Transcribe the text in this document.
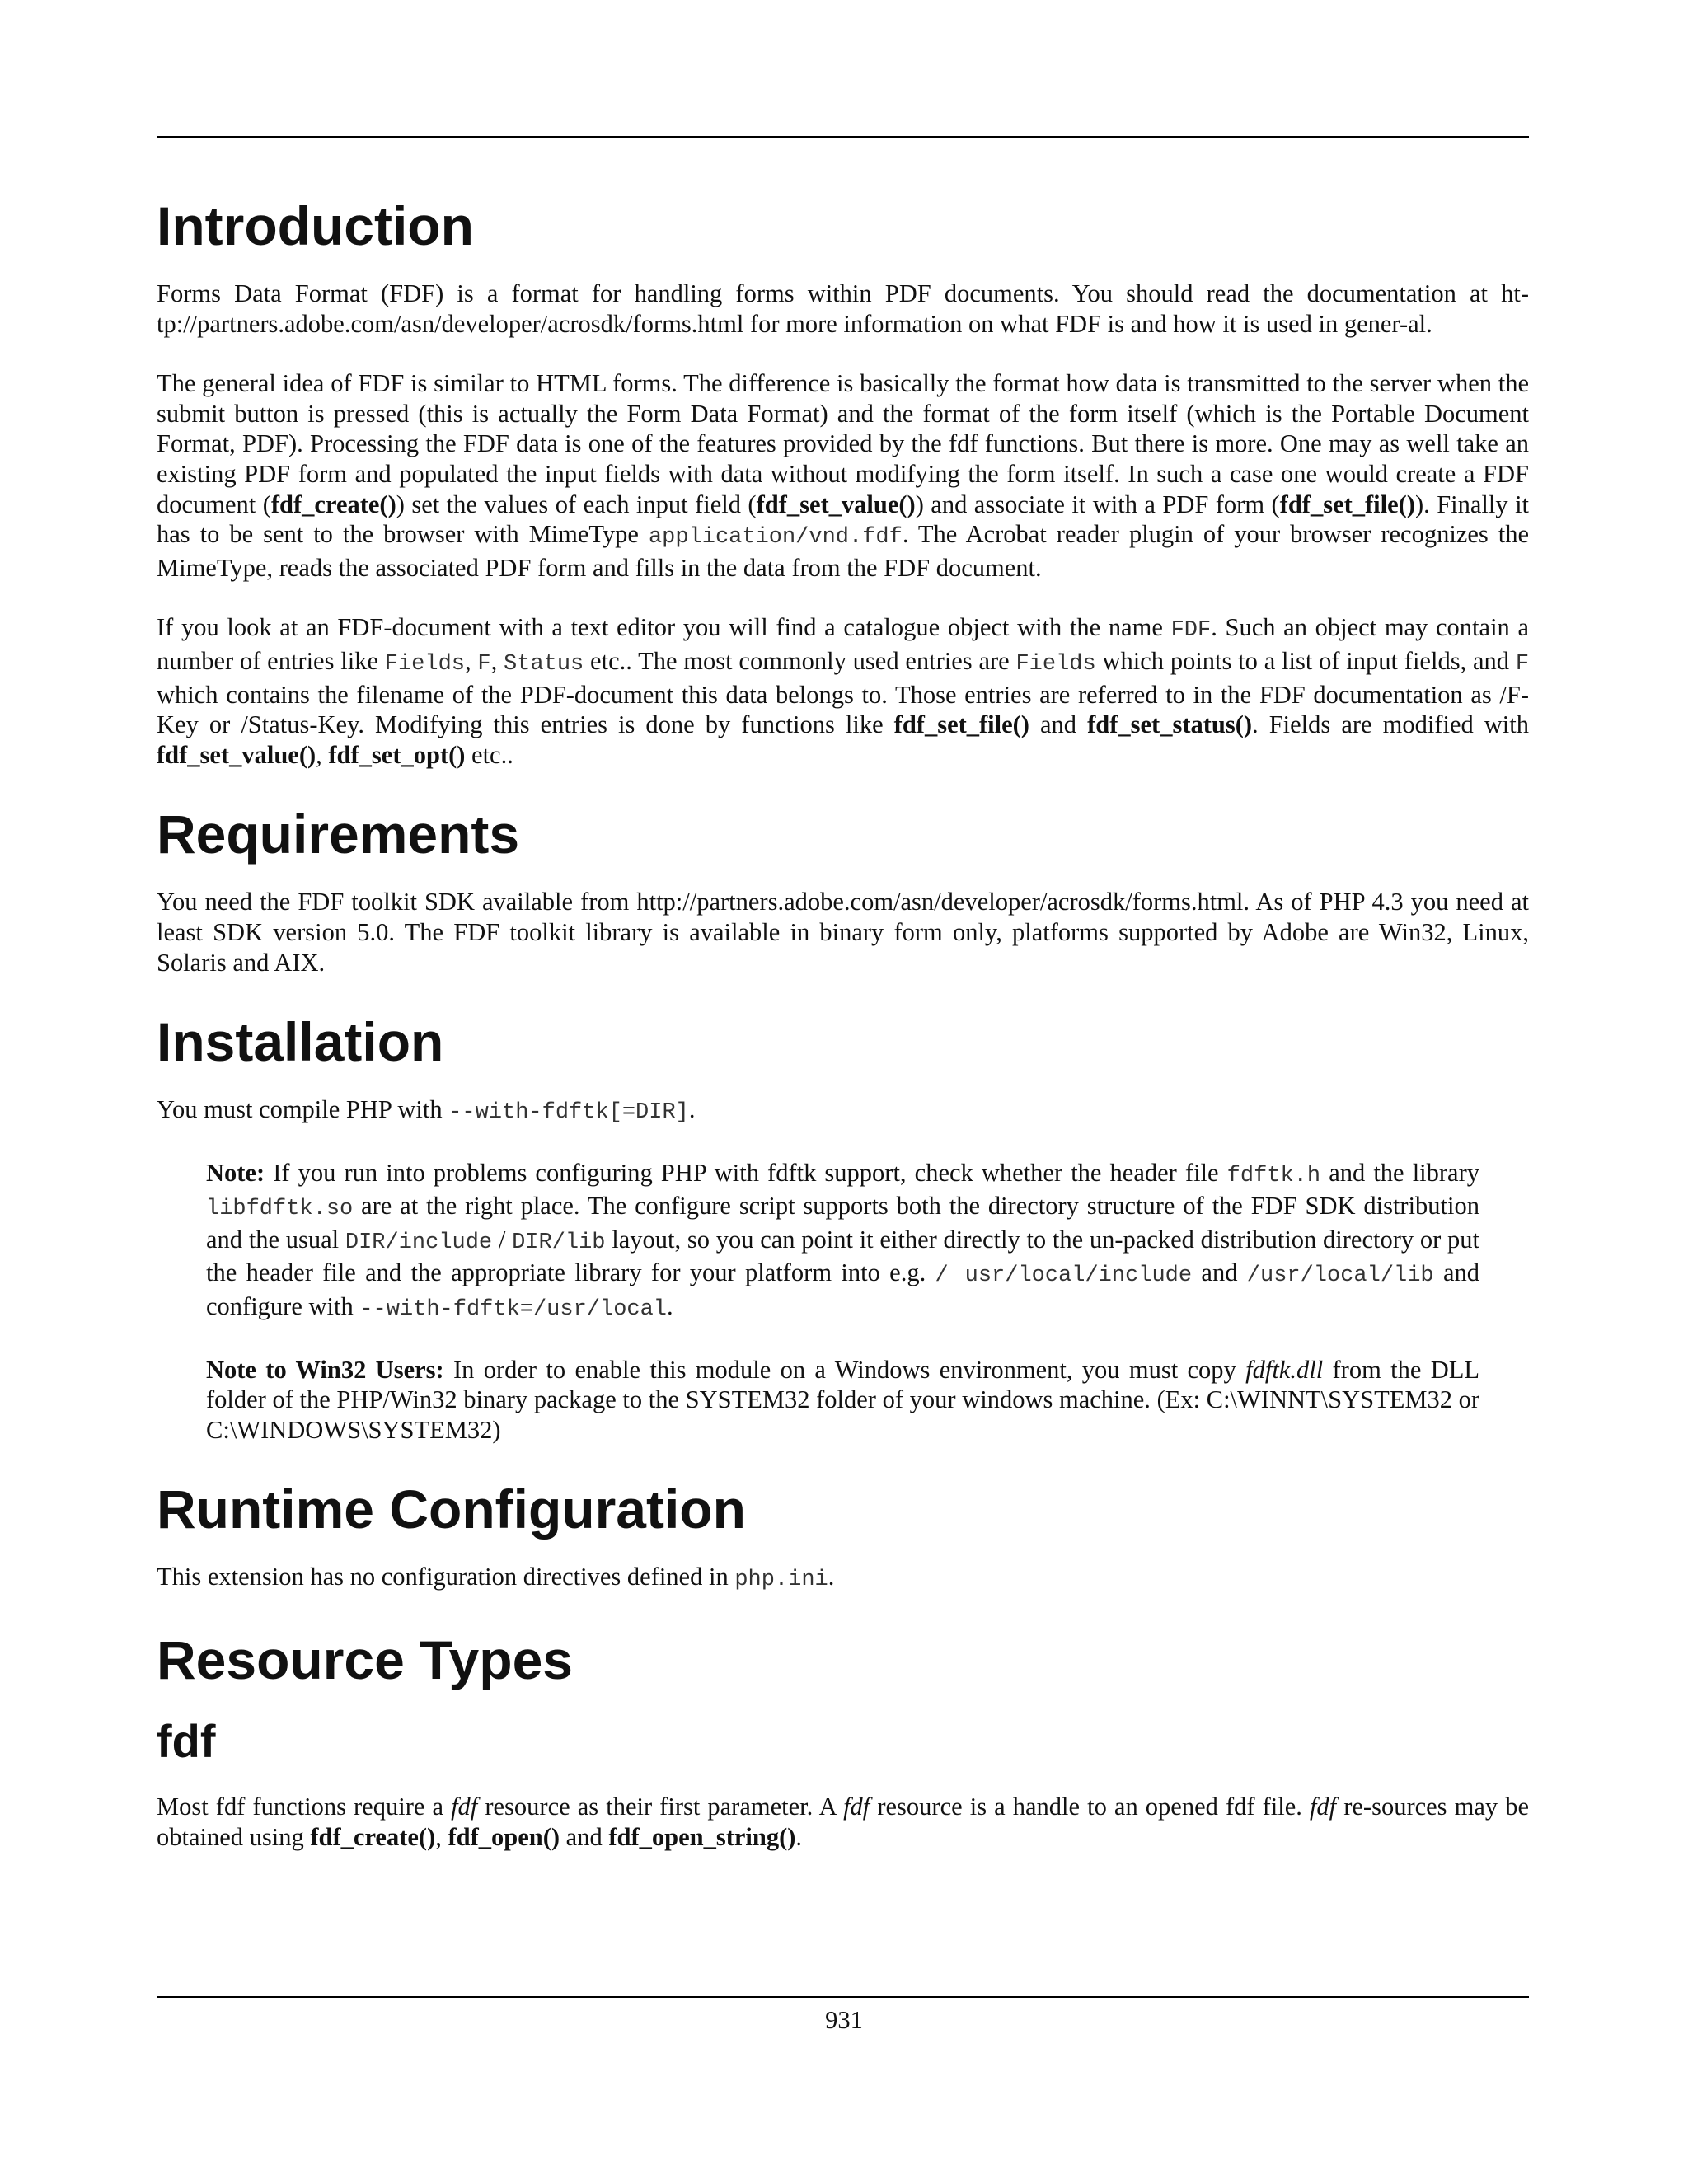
Introduction

Forms Data Format (FDF) is a format for handling forms within PDF documents. You should read the documentation at ht-tp://partners.adobe.com/asn/developer/acrosdk/forms.html for more information on what FDF is and how it is used in gener-al.

The general idea of FDF is similar to HTML forms. The difference is basically the format how data is transmitted to the server when the submit button is pressed (this is actually the Form Data Format) and the format of the form itself (which is the Portable Document Format, PDF). Processing the FDF data is one of the features provided by the fdf functions. But there is more. One may as well take an existing PDF form and populated the input fields with data without modifying the form itself. In such a case one would create a FDF document (fdf_create()) set the values of each input field (fdf_set_value()) and associate it with a PDF form (fdf_set_file()). Finally it has to be sent to the browser with MimeType application/vnd.fdf. The Acrobat reader plugin of your browser recognizes the MimeType, reads the associated PDF form and fills in the data from the FDF document.

If you look at an FDF-document with a text editor you will find a catalogue object with the name FDF. Such an object may contain a number of entries like Fields, F, Status etc.. The most commonly used entries are Fields which points to a list of input fields, and F which contains the filename of the PDF-document this data belongs to. Those entries are referred to in the FDF documentation as /F-Key or /Status-Key. Modifying this entries is done by functions like fdf_set_file() and fdf_set_status(). Fields are modified with fdf_set_value(), fdf_set_opt() etc..

Requirements

You need the FDF toolkit SDK available from http://partners.adobe.com/asn/developer/acrosdk/forms.html. As of PHP 4.3 you need at least SDK version 5.0. The FDF toolkit library is available in binary form only, platforms supported by Adobe are Win32, Linux, Solaris and AIX.

Installation

You must compile PHP with --with-fdftk[=DIR].

Note: If you run into problems configuring PHP with fdftk support, check whether the header file fdftk.h and the library libfdftk.so are at the right place. The configure script supports both the directory structure of the FDF SDK distribution and the usual DIR/include / DIR/lib layout, so you can point it either directly to the un-packed distribution directory or put the header file and the appropriate library for your platform into e.g. / usr/local/include and /usr/local/lib and configure with --with-fdftk=/usr/local.

Note to Win32 Users: In order to enable this module on a Windows environment, you must copy fdftk.dll from the DLL folder of the PHP/Win32 binary package to the SYSTEM32 folder of your windows machine. (Ex: C:\WINNT\SYSTEM32 or C:\WINDOWS\SYSTEM32)

Runtime Configuration

This extension has no configuration directives defined in php.ini.

Resource Types
fdf

Most fdf functions require a fdf resource as their first parameter. A fdf resource is a handle to an opened fdf file. fdf re-sources may be obtained using fdf_create(), fdf_open() and fdf_open_string().

931
